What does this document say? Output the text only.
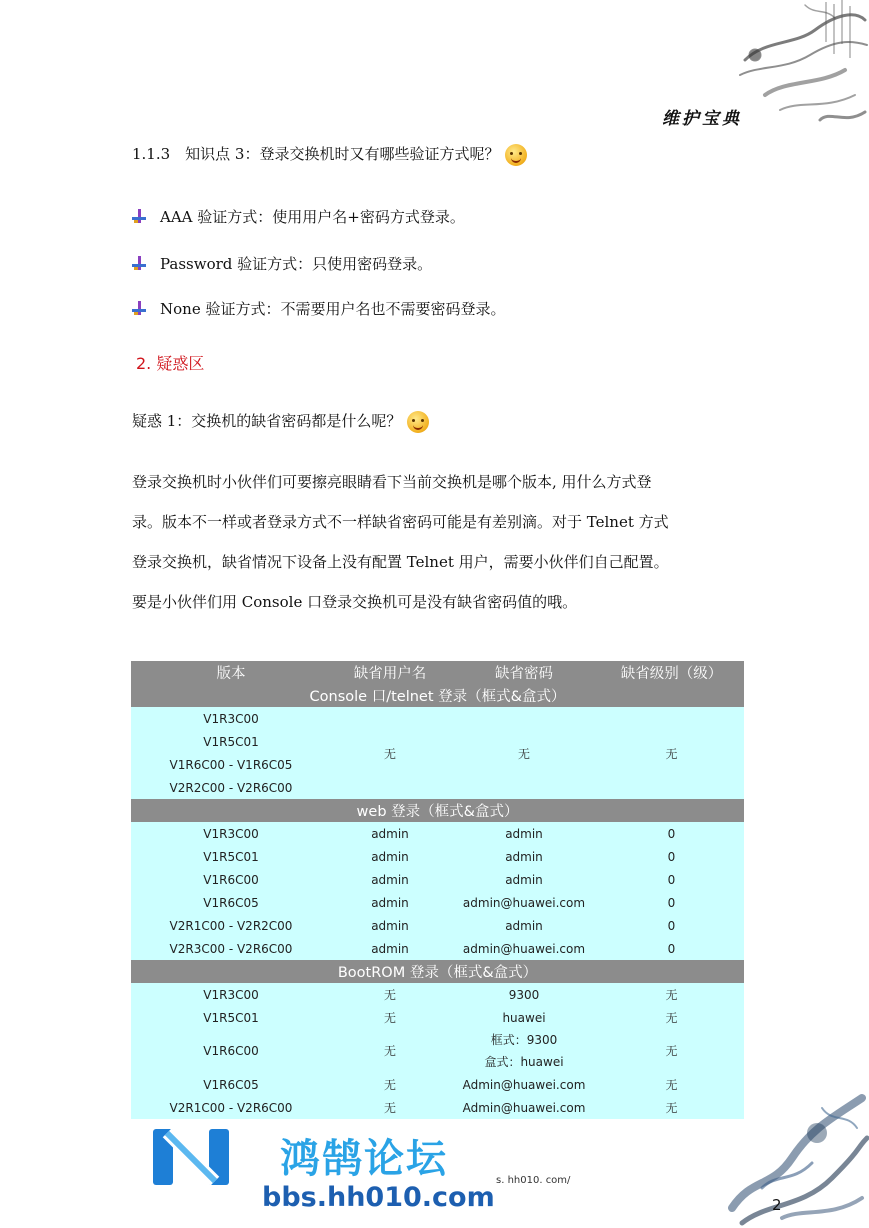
维护宝典
1.1.3　知识点 3：登录交换机时又有哪些验证方式呢？
AAA 验证方式：使用用户名+密码方式登录。
Password 验证方式：只使用密码登录。
None 验证方式：不需要用户名也不需要密码登录。
2. 疑惑区
疑惑 1：交换机的缺省密码都是什么呢？
登录交换机时小伙伴们可要擦亮眼睛看下当前交换机是哪个版本, 用什么方式登
录。版本不一样或者登录方式不一样缺省密码可能是有差别滴。对于 Telnet 方式
登录交换机，缺省情况下设备上没有配置 Telnet 用户，需要小伙伴们自己配置。
要是小伙伴们用 Console 口登录交换机可是没有缺省密码值的哦。
版本	缺省用户名	缺省密码	缺省级别（级）
Console 口/telnet 登录（框式&盒式）			
V1R3C00	无	无	无
V1R5C01			
V1R6C00 - V1R6C05			
V2R2C00 - V2R6C00			
web 登录（框式&盒式）			
V1R3C00	admin	admin	0
V1R5C01	admin	admin	0
V1R6C00	admin	admin	0
V1R6C05	admin	admin@huawei.com	0
V2R1C00 - V2R2C00	admin	admin	0
V2R3C00 - V2R6C00	admin	admin@huawei.com	0
BootROM 登录（框式&盒式）			
V1R3C00	无	9300	无
V1R5C01	无	huawei	无
V1R6C00	无	框式：9300
盒式：huawei	无
V1R6C05	无	Admin@huawei.com	无
V2R1C00 - V2R6C00	无	Admin@huawei.com	无
鸿鹄论坛
bbs.hh010.com
s. hh010. com/
2
